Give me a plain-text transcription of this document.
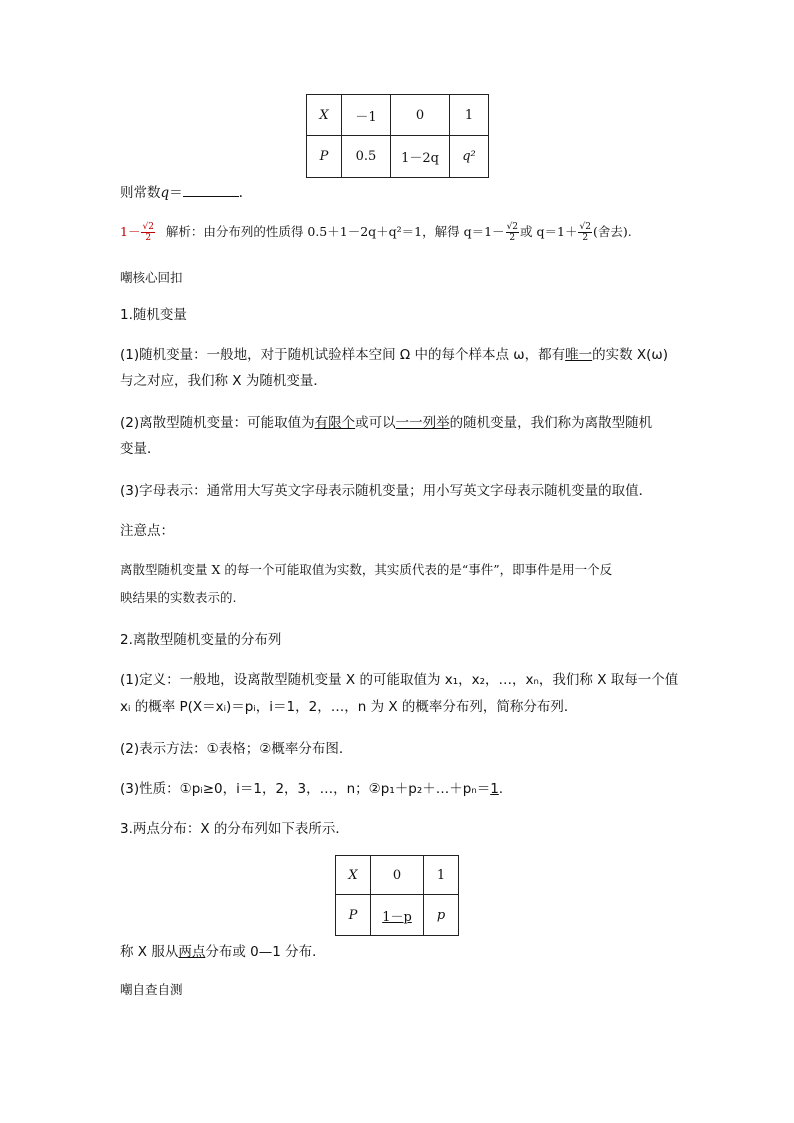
X	－1	0	1
P	0.5	1－2q	q²
则常数q＝	.
$1- \frac{√2}{2}$ 解析：由分布列的性质得 0.5＋1－2q＋q²＝1，解得 $q=1- \frac{√2}{2}$ 或 $q=1+ \frac{√2}{2}$ (舍去).
嘲核心回扣
1.随机变量
(1)随机变量：一般地，对于随机试验样本空间 Ω 中的每个样本点 ω，都有唯一的实数 X(ω)
与之对应，我们称 X 为随机变量．
(2)离散型随机变量：可能取值为有限个或可以一一列举的随机变量，我们称为离散型随机
变量．
(3)字母表示：通常用大写英文字母表示随机变量；用小写英文字母表示随机变量的取值．
注意点：
离散型随机变量 X 的每一个可能取值为实数，其实质代表的是“事件”，即事件是用一个反
映结果的实数表示的.
2.离散型随机变量的分布列
(1)定义：一般地，设离散型随机变量 X 的可能取值为 x₁，x₂，…，xₙ，我们称 X 取每一个值
xᵢ 的概率 P(X＝xᵢ)＝pᵢ，i＝1，2，…，n 为 X 的概率分布列，简称分布列．
(2)表示方法：①表格；②概率分布图．
(3)性质：①pᵢ≥0，i＝1，2，3，…，n；②p₁＋p₂＋…＋pₙ＝1.
3.两点分布：X 的分布列如下表所示．
X	0	1
P	1－p	p
称 X 服从两点分布或 0—1 分布．
嘲自查自测
